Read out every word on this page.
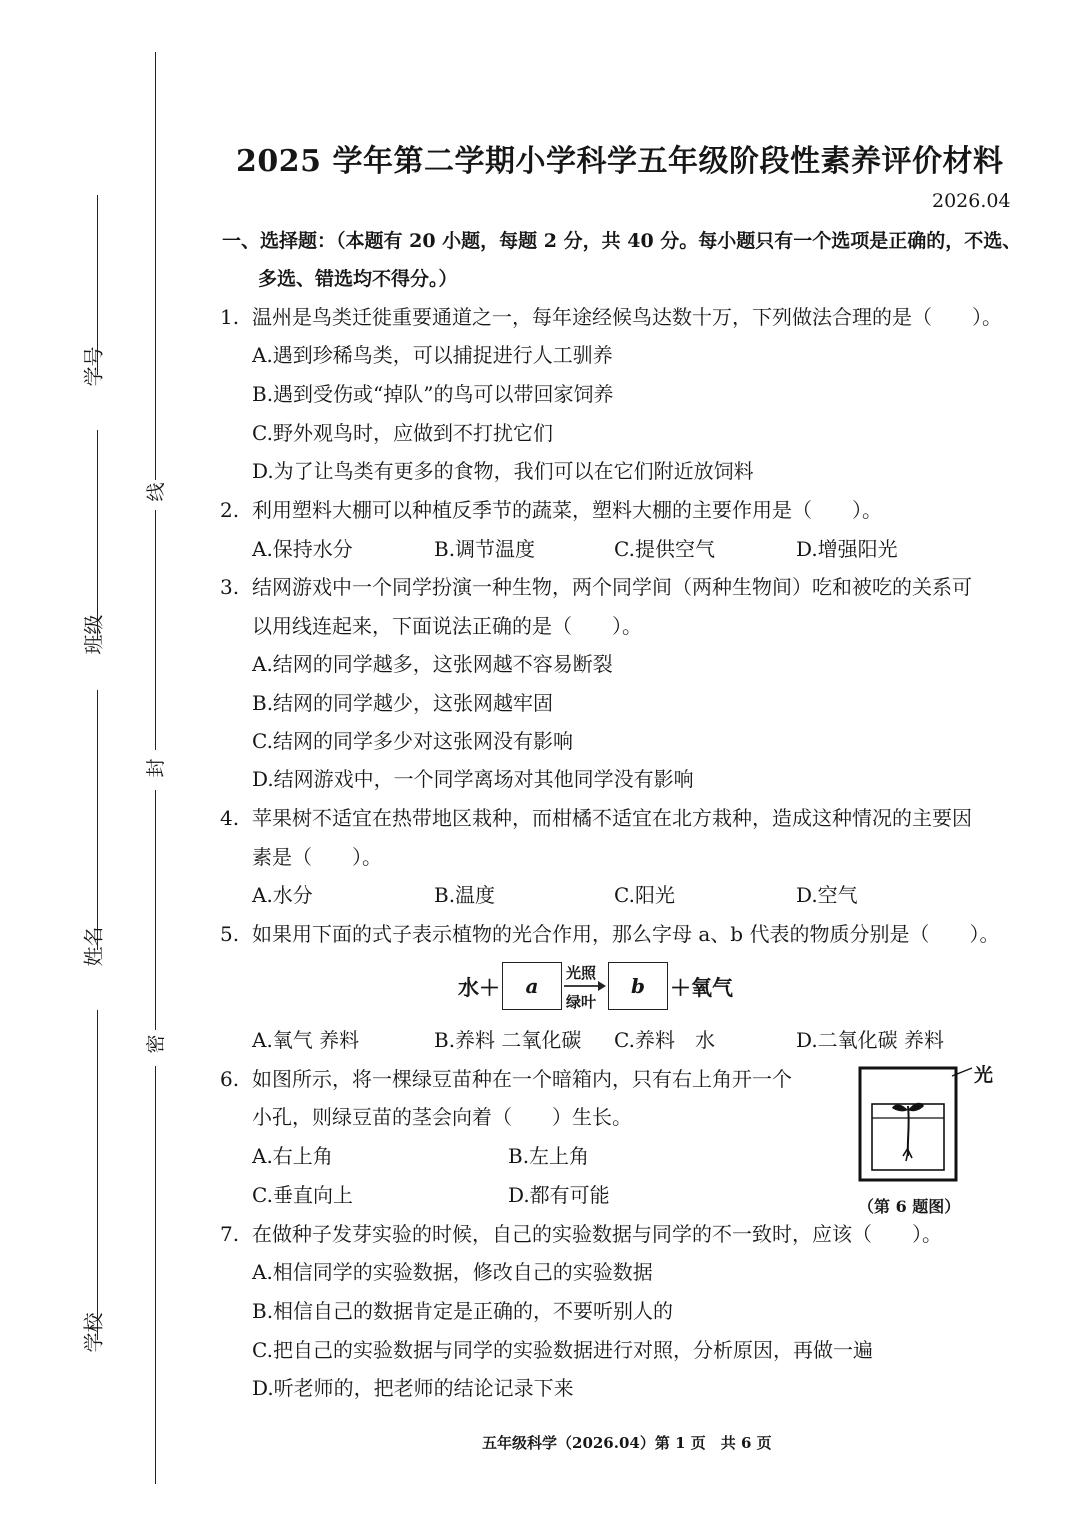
线
封
密
学号
班级
姓名
学校
2025 学年第二学期小学科学五年级阶段性素养评价材料
2026.04
一、选择题：（本题有 20 小题，每题 2 分，共 40 分。每小题只有一个选项是正确的，不选、
多选、错选均不得分。）
1. 温州是鸟类迁徙重要通道之一，每年途经候鸟达数十万，下列做法合理的是（　　）。
A.遇到珍稀鸟类，可以捕捉进行人工驯养
B.遇到受伤或“掉队”的鸟可以带回家饲养
C.野外观鸟时，应做到不打扰它们
D.为了让鸟类有更多的食物，我们可以在它们附近放饲料
2. 利用塑料大棚可以种植反季节的蔬菜，塑料大棚的主要作用是（　　）。
A.保持水分	B.调节温度	C.提供空气	D.增强阳光
3. 结网游戏中一个同学扮演一种生物，两个同学间（两种生物间）吃和被吃的关系可
以用线连起来，下面说法正确的是（　　）。
A.结网的同学越多，这张网越不容易断裂
B.结网的同学越少，这张网越牢固
C.结网的同学多少对这张网没有影响
D.结网游戏中，一个同学离场对其他同学没有影响
4. 苹果树不适宜在热带地区栽种，而柑橘不适宜在北方栽种，造成这种情况的主要因
素是（　　）。
A.水分	B.温度	C.阳光	D.空气
5. 如果用下面的式子表示植物的光合作用，那么字母 a、b 代表的物质分别是（　　）。
水＋	a
光照
绿叶
→	b	＋氧气
A.氧气 养料	B.养料 二氧化碳 C.养料　水	D.二氧化碳 养料
6. 如图所示，将一棵绿豆苗种在一个暗箱内，只有右上角开一个
小孔，则绿豆苗的茎会向着（　　）生长。
A.右上角	B.左上角
C.垂直向上	D.都有可能
光
（第 6 题图）
7. 在做种子发芽实验的时候，自己的实验数据与同学的不一致时，应该（　　）。
A.相信同学的实验数据，修改自己的实验数据
B.相信自己的数据肯定是正确的，不要听别人的
C.把自己的实验数据与同学的实验数据进行对照，分析原因，再做一遍
D.听老师的，把老师的结论记录下来
五年级科学（2026.04）第 1 页　共 6 页
